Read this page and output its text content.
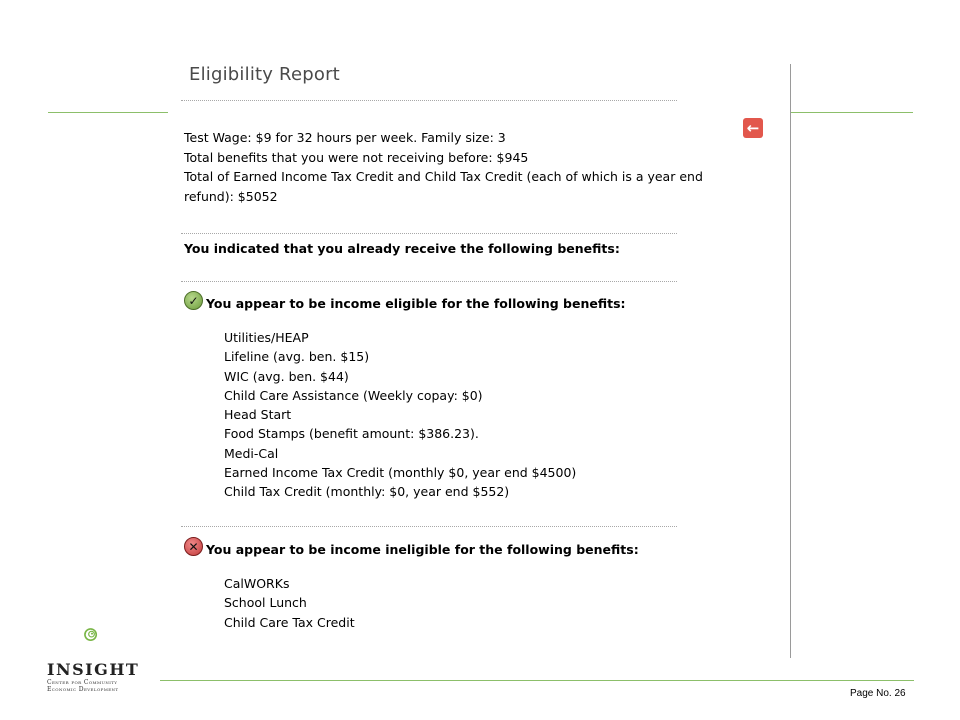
Eligibility Report
←
Test Wage: $9 for 32 hours per week. Family size: 3
Total benefits that you were not receiving before: $945
Total of Earned Income Tax Credit and Child Tax Credit (each of which is a year end
refund): $5052
You indicated that you already receive the following benefits:
✓ You appear to be income eligible for the following benefits:
Utilities/HEAP
Lifeline (avg. ben. $15)
WIC (avg. ben. $44)
Child Care Assistance (Weekly copay: $0)
Head Start
Food Stamps (benefit amount: $386.23).
Medi-Cal
Earned Income Tax Credit (monthly $0, year end $4500)
Child Tax Credit (monthly: $0, year end $552)
✕ You appear to be income ineligible for the following benefits:
CalWORKs
School Lunch
Child Care Tax Credit
INSIGHT
Center for Community
Economic Development	Page No. 26
